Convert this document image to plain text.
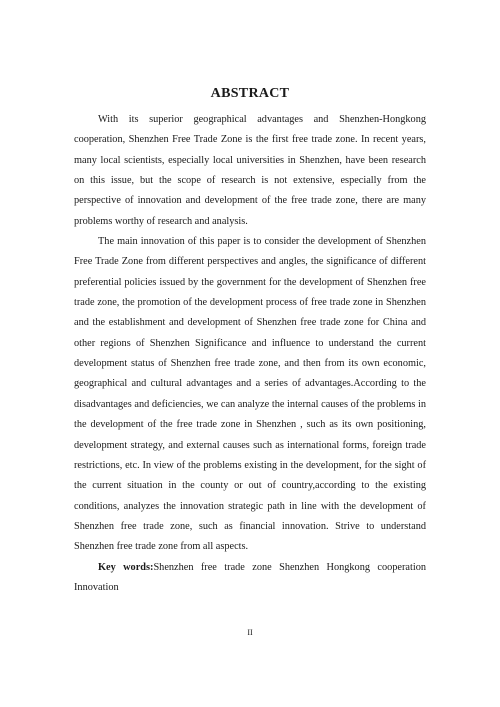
ABSTRACT

With its superior geographical advantages and Shenzhen-Hongkong cooperation, Shenzhen Free Trade Zone is the first free trade zone. In recent years, many local scientists, especially local universities in Shenzhen, have been research on this issue, but the scope of research is not extensive, especially from the perspective of innovation and development of the free trade zone, there are many problems worthy of research and analysis.

The main innovation of this paper is to consider the development of Shenzhen Free Trade Zone from different perspectives and angles, the significance of different preferential policies issued by the government for the development of Shenzhen free trade zone, the promotion of the development process of free trade zone in Shenzhen and the establishment and development of Shenzhen free trade zone for China and other regions of Shenzhen Significance and influence to understand the current development status of Shenzhen free trade zone, and then from its own economic, geographical and cultural advantages and a series of advantages.According to the disadvantages and deficiencies, we can analyze the internal causes of the problems in the development of the free trade zone in Shenzhen , such as its own positioning, development strategy, and external causes such as international forms, foreign trade restrictions, etc. In view of the problems existing in the development, for the sight of the current situation in the county or out of country,according to the existing conditions, analyzes the innovation strategic path in line with the development of Shenzhen free trade zone, such as financial innovation. Strive to understand Shenzhen free trade zone from all aspects.

Key words:Shenzhen free trade zone Shenzhen Hongkong cooperation Innovation

II
